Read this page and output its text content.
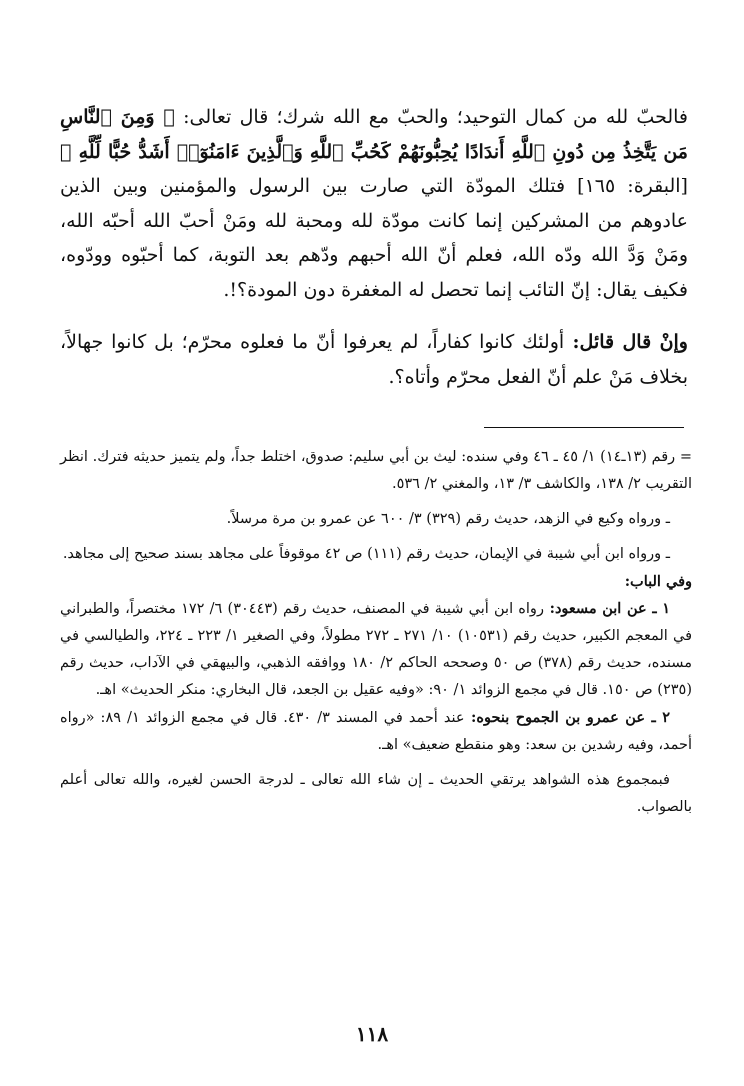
فالحبّ لله من كمال التوحيد؛ والحبّ مع الله شرك؛ قال تعالى: ﴿ وَمِنَ ٱلنَّاسِ مَن يَتَّخِذُ مِن دُونِ ٱللَّهِ أَندَادًا يُحِبُّونَهُمْ كَحُبِّ ٱللَّهِ وَٱلَّذِينَ ءَامَنُوٓا۟ أَشَدُّ حُبًّا لِّلَّهِ ﴾ [البقرة: ١٦٥] فتلك المودّة التي صارت بين الرسول والمؤمنين وبين الذين عادوهم من المشركين إنما كانت مودّة لله ومحبة لله ومَنْ أحبّ الله أحبّه الله، ومَنْ وَدَّ الله ودّه الله، فعلم أنّ الله أحبهم ودّهم بعد التوبة، كما أحبّوه وودّوه، فكيف يقال: إنّ التائب إنما تحصل له المغفرة دون المودة؟!.

وإنْ قال قائل: أولئك كانوا كفاراً، لم يعرفوا أنّ ما فعلوه محرّم؛ بل كانوا جهالاً، بخلاف مَنْ علم أنّ الفعل محرّم وأتاه؟.

= رقم (١٣ـ١٤) ١/ ٤٥ ـ ٤٦ وفي سنده: ليث بن أبي سليم: صدوق، اختلط جداً، ولم يتميز حديثه فترك. انظر التقريب ٢/ ١٣٨، والكاشف ٣/ ١٣، والمغني ٢/ ٥٣٦.

ـ ورواه وكيع في الزهد، حديث رقم (٣٢٩) ٣/ ٦٠٠ عن عمرو بن مرة مرسلاً.

ـ ورواه ابن أبي شيبة في الإيمان، حديث رقم (١١١) ص ٤٢ موقوفاً على مجاهد بسند صحيح إلى مجاهد.

وفي الباب:

١ ـ عن ابن مسعود: رواه ابن أبي شيبة في المصنف، حديث رقم (٣٠٤٤٣) ٦/ ١٧٢ مختصراً، والطبراني في المعجم الكبير، حديث رقم (١٠٥٣١) ١٠/ ٢٧١ ـ ٢٧٢ مطولاً، وفي الصغير ١/ ٢٢٣ ـ ٢٢٤، والطيالسي في مسنده، حديث رقم (٣٧٨) ص ٥٠ وصححه الحاكم ٢/ ١٨٠ ووافقه الذهبي، والبيهقي في الآداب، حديث رقم (٢٣٥) ص ١٥٠. قال في مجمع الزوائد ١/ ٩٠: «وفيه عقيل بن الجعد، قال البخاري: منكر الحديث» اهـ.

٢ ـ عن عمرو بن الجموح بنحوه: عند أحمد في المسند ٣/ ٤٣٠. قال في مجمع الزوائد ١/ ٨٩: «رواه أحمد، وفيه رشدين بن سعد: وهو منقطع ضعيف» اهـ.

فبمجموع هذه الشواهد يرتقي الحديث ـ إن شاء الله تعالى ـ لدرجة الحسن لغيره، والله تعالى أعلم بالصواب.

١١٨
